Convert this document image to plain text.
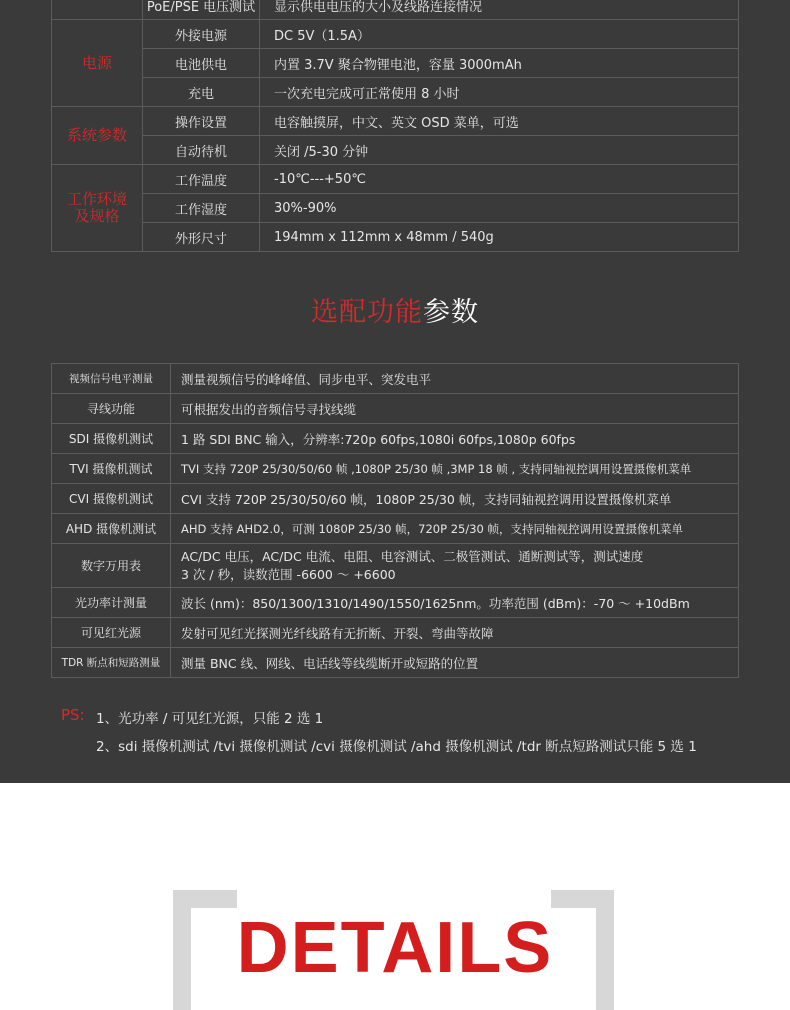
	PoE/PSE 电压测试	显示供电电压的大小及线路连接情况
电源	外接电源	DC 5V（1.5A）
	电池供电	内置 3.7V 聚合物锂电池，容量 3000mAh
	充电	一次充电完成可正常使用 8 小时
系统参数	操作设置	电容触摸屏，中文、英文 OSD 菜单，可选
	自动待机	关闭 /5-30 分钟
工作环境
及规格	工作温度	-10℃---+50℃
	工作湿度	30%-90%
	外形尺寸	194mm x 112mm x 48mm / 540g
选配功能参数
视频信号电平测量	测量视频信号的峰峰值、同步电平、突发电平
寻线功能	可根据发出的音频信号寻找线缆
SDI 摄像机测试	1 路 SDI BNC 输入，分辨率:720p 60fps,1080i 60fps,1080p 60fps
TVI 摄像机测试	TVI 支持 720P 25/30/50/60 帧 ,1080P 25/30 帧 ,3MP 18 帧 , 支持同轴视控调用设置摄像机菜单
CVI 摄像机测试	CVI 支持 720P 25/30/50/60 帧，1080P 25/30 帧，支持同轴视控调用设置摄像机菜单
AHD 摄像机测试	AHD 支持 AHD2.0，可测 1080P 25/30 帧，720P 25/30 帧，支持同轴视控调用设置摄像机菜单
数字万用表	AC/DC 电压，AC/DC 电流、电阻、电容测试、二极管测试、通断测试等，测试速度
3 次 / 秒，读数范围 -6600 ～ +6600

光功率计测量	波长 (nm)：850/1300/1310/1490/1550/1625nm。功率范围 (dBm)：-70 ～ +10dBm
可见红光源	发射可见红光探测光纤线路有无折断、开裂、弯曲等故障
TDR 断点和短路测量	测量 BNC 线、网线、电话线等线缆断开或短路的位置
PS: 1、光功率 / 可见红光源，只能 2 选 1
2、sdi 摄像机测试 /tvi 摄像机测试 /cvi 摄像机测试 /ahd 摄像机测试 /tdr 断点短路测试只能 5 选 1
DETAILS
